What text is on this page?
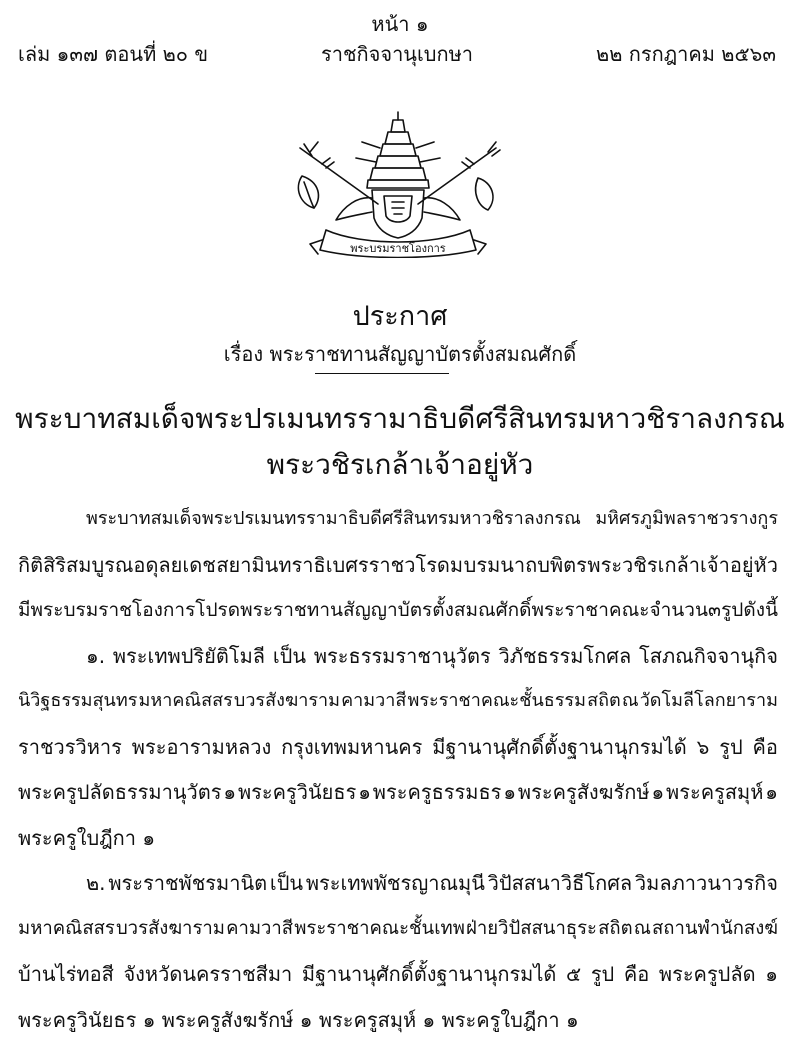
หน้า ๑
ราชกิจจานุเบกษา
เล่ม ๑๓๗ ตอนที่ ๒๐ ข	๒๒ กรกฎาคม ๒๕๖๓
พระบรมราชโองการ
ประกาศ
เรื่อง พระราชทานสัญญาบัตรตั้งสมณศักดิ์
พระบาทสมเด็จพระปรเมนทรรามาธิบดีศรีสินทรมหาวชิราลงกรณ
พระวชิรเกล้าเจ้าอยู่หัว
พระบาทสมเด็จพระปรเมนทรรามาธิบดีศรีสินทรมหาวชิราลงกรณ มหิศรภูมิพลราชวรางกูร
กิติสิริสมบูรณอดุลยเดช สยามินทราธิเบศรราชวโรดม บรมนาถบพิตร พระวชิรเกล้าเจ้าอยู่หัว
มีพระบรมราชโองการโปรดพระราชทานสัญญาบัตรตั้งสมณศักดิ์พระราชาคณะ จำนวน ๓ รูป ดังนี้
๑. พระเทพปริยัติโมลี เป็น พระธรรมราชานุวัตร วิภัชธรรมโกศล โสภณกิจจานุกิจ
นิวิฐธรรมสุนทร มหาคณิสสร บวรสังฆาราม คามวาสี พระราชาคณะชั้นธรรม สถิต ณ วัดโมลีโลกยาราม
ราชวรวิหาร พระอารามหลวง กรุงเทพมหานคร มีฐานานุศักดิ์ตั้งฐานานุกรมได้ ๖ รูป คือ
พระครูปลัดธรรมานุวัตร ๑ พระครูวินัยธร ๑ พระครูธรรมธร ๑ พระครูสังฆรักษ์ ๑ พระครูสมุห์ ๑
พระครูใบฎีกา ๑
๒. พระราชพัชรมานิต เป็น พระเทพพัชรญาณมุนี วิปัสสนาวิธีโกศล วิมลภาวนาวรกิจ
มหาคณิสสร บวรสังฆาราม คามวาสี พระราชาคณะชั้นเทพ ฝ่ายวิปัสสนาธุระ สถิต ณ สถานพำนักสงฆ์
บ้านไร่ทอสี จังหวัดนครราชสีมา มีฐานานุศักดิ์ตั้งฐานานุกรมได้ ๕ รูป คือ พระครูปลัด ๑
พระครูวินัยธร ๑ พระครูสังฆรักษ์ ๑ พระครูสมุห์ ๑ พระครูใบฎีกา ๑
